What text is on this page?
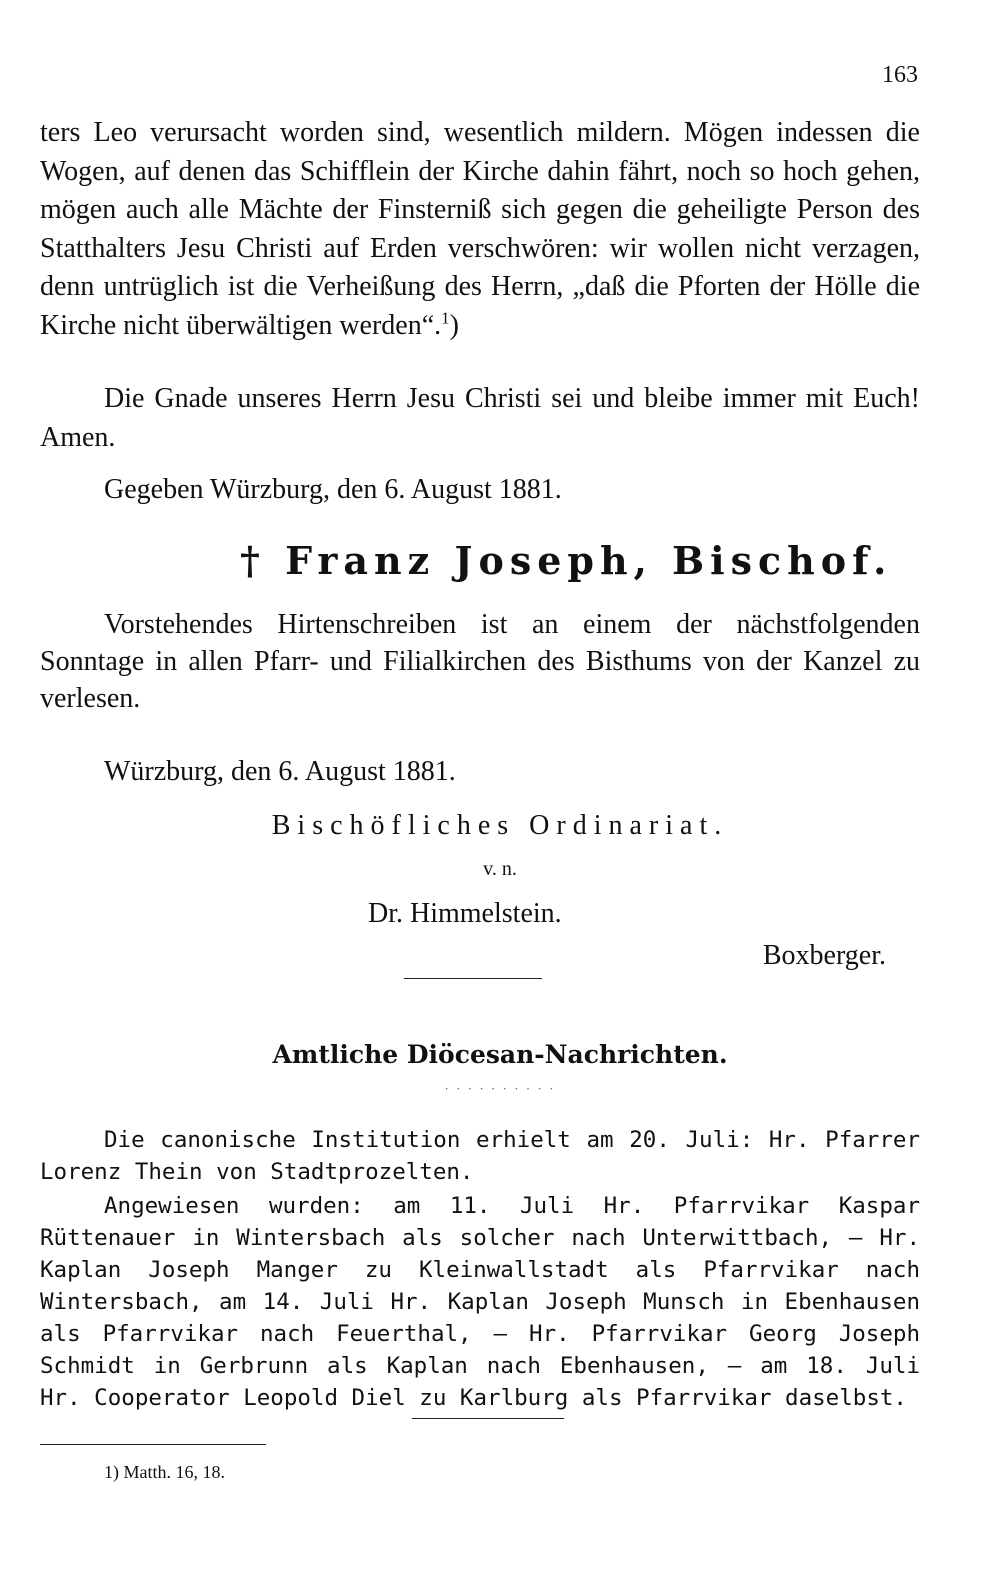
163
ters Leo verursacht worden sind, wesentlich mildern. Mögen indessen die Wogen, auf denen das Schifflein der Kirche dahin fährt, noch so hoch gehen, mögen auch alle Mächte der Finsterniß sich gegen die geheiligte Person des Statthalters Jesu Christi auf Erden verschwören: wir wollen nicht verzagen, denn untrüglich ist die Verheißung des Herrn, „daß die Pforten der Hölle die Kirche nicht überwältigen werden“.$^1$)
Die Gnade unseres Herrn Jesu Christi sei und bleibe immer mit Euch! Amen.
Gegeben Würzburg, den 6. August 1881.
† Franz Joseph, Bischof.
Vorstehendes Hirtenschreiben ist an einem der nächstfolgenden Sonntage in allen Pfarr- und Filialkirchen des Bisthums von der Kanzel zu verlesen.
Würzburg, den 6. August 1881.
Bischöfliches Ordinariat.
v. n.
Dr. Himmelstein.
Boxberger.
Amtliche Diöcesan-Nachrichten.
· · · · · · · · · ·
Die canonische Institution erhielt am 20. Juli: Hr. Pfarrer Lorenz Thein von Stadtprozelten.
Angewiesen wurden: am 11. Juli Hr. Pfarrvikar Kaspar Rüttenauer in Wintersbach als solcher nach Unterwittbach, — Hr. Kaplan Joseph Manger zu Kleinwallstadt als Pfarrvikar nach Wintersbach, am 14. Juli Hr. Kaplan Joseph Munsch in Ebenhausen als Pfarrvikar nach Feuerthal, — Hr. Pfarrvikar Georg Joseph Schmidt in Gerbrunn als Kaplan nach Ebenhausen, — am 18. Juli Hr. Cooperator Leopold Diel zu Karlburg als Pfarrvikar daselbst.
1) Matth. 16, 18.
